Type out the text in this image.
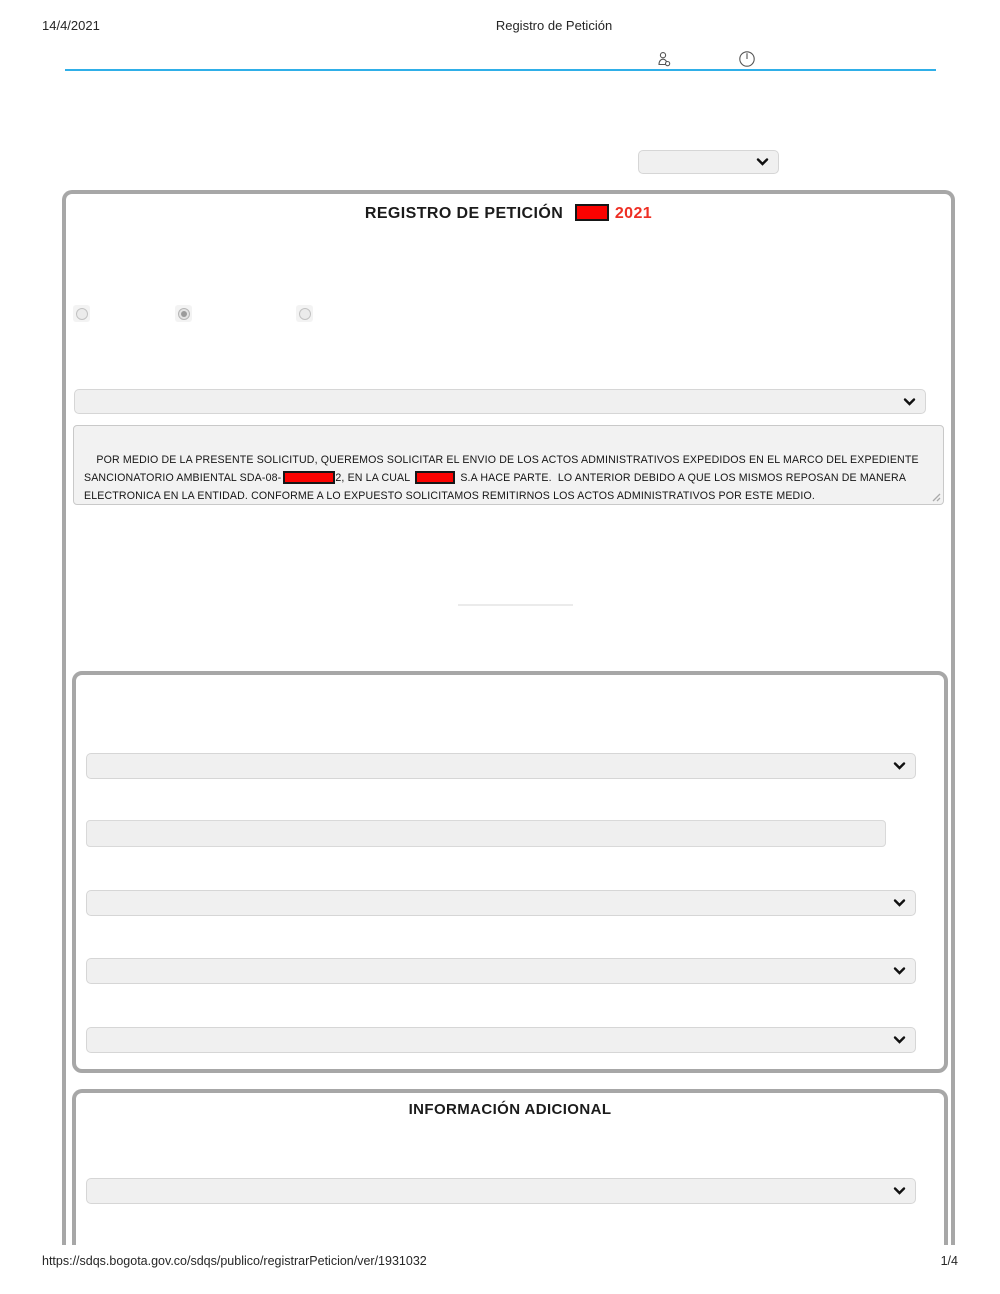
14/4/2021	Registro de Petición
REGISTRO DE PETICIÓN	2021

POR MEDIO DE LA PRESENTE SOLICITUD, QUEREMOS SOLICITAR EL ENVIO DE LOS ACTOS ADMINISTRATIVOS EXPEDIDOS EN EL MARCO DEL EXPEDIENTE SANCIONATORIO AMBIENTAL SDA-08-	2, EN LA CUAL	S.A HACE PARTE.  LO ANTERIOR DEBIDO A QUE LOS MISMOS REPOSAN DE MANERA ELECTRONICA EN LA ENTIDAD. CONFORME A LO EXPUESTO SOLICITAMOS REMITIRNOS LOS ACTOS ADMINISTRATIVOS POR ESTE MEDIO.

INFORMACIÓN ADICIONAL
https://sdqs.bogota.gov.co/sdqs/publico/registrarPeticion/ver/1931032	1/4
